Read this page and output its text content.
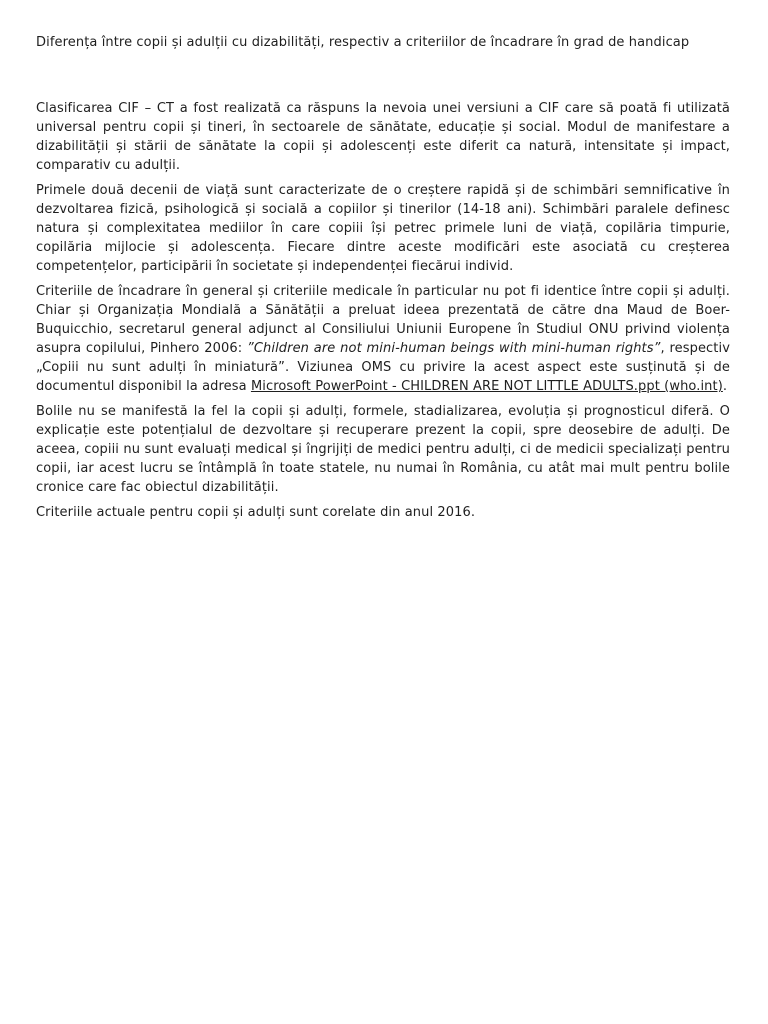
Diferența între copii și adulții cu dizabilități, respectiv a criteriilor de încadrare în grad de handicap

Clasificarea CIF – CT a fost realizată ca răspuns la nevoia unei versiuni a CIF care să poată fi utilizată universal pentru copii și tineri, în sectoarele de sănătate, educație și social. Modul de manifestare a dizabilității și stării de sănătate la copii și adolescenți este diferit ca natură, intensitate și impact, comparativ cu adulții.

Primele două decenii de viață sunt caracterizate de o creștere rapidă și de schimbări semnificative în dezvoltarea fizică, psihologică și socială a copiilor și tinerilor (14-18 ani). Schimbări paralele definesc natura și complexitatea mediilor în care copiii își petrec primele luni de viață, copilăria timpurie, copilăria mijlocie și adolescența. Fiecare dintre aceste modificări este asociată cu creșterea competențelor, participării în societate și independenței fiecărui individ.

Criteriile de încadrare în general și criteriile medicale în particular nu pot fi identice între copii și adulți. Chiar și Organizația Mondială a Sănătății a preluat ideea prezentată de către dna Maud de Boer-Buquicchio, secretarul general adjunct al Consiliului Uniunii Europene în Studiul ONU privind violența asupra copilului, Pinhero 2006: ”Children are not mini-human beings with mini-human rights”, respectiv „Copiii nu sunt adulți în miniatură”. Viziunea OMS cu privire la acest aspect este susținută și de documentul disponibil la adresa Microsoft PowerPoint - CHILDREN ARE NOT LITTLE ADULTS.ppt (who.int).

Bolile nu se manifestă la fel la copii și adulți, formele, stadializarea, evoluția și prognosticul diferă. O explicație este potențialul de dezvoltare și recuperare prezent la copii, spre deosebire de adulți. De aceea, copiii nu sunt evaluați medical și îngrijiți de medici pentru adulți, ci de medicii specializați pentru copii, iar acest lucru se întâmplă în toate statele, nu numai în România, cu atât mai mult pentru bolile cronice care fac obiectul dizabilității.

Criteriile actuale pentru copii și adulți sunt corelate din anul 2016.
